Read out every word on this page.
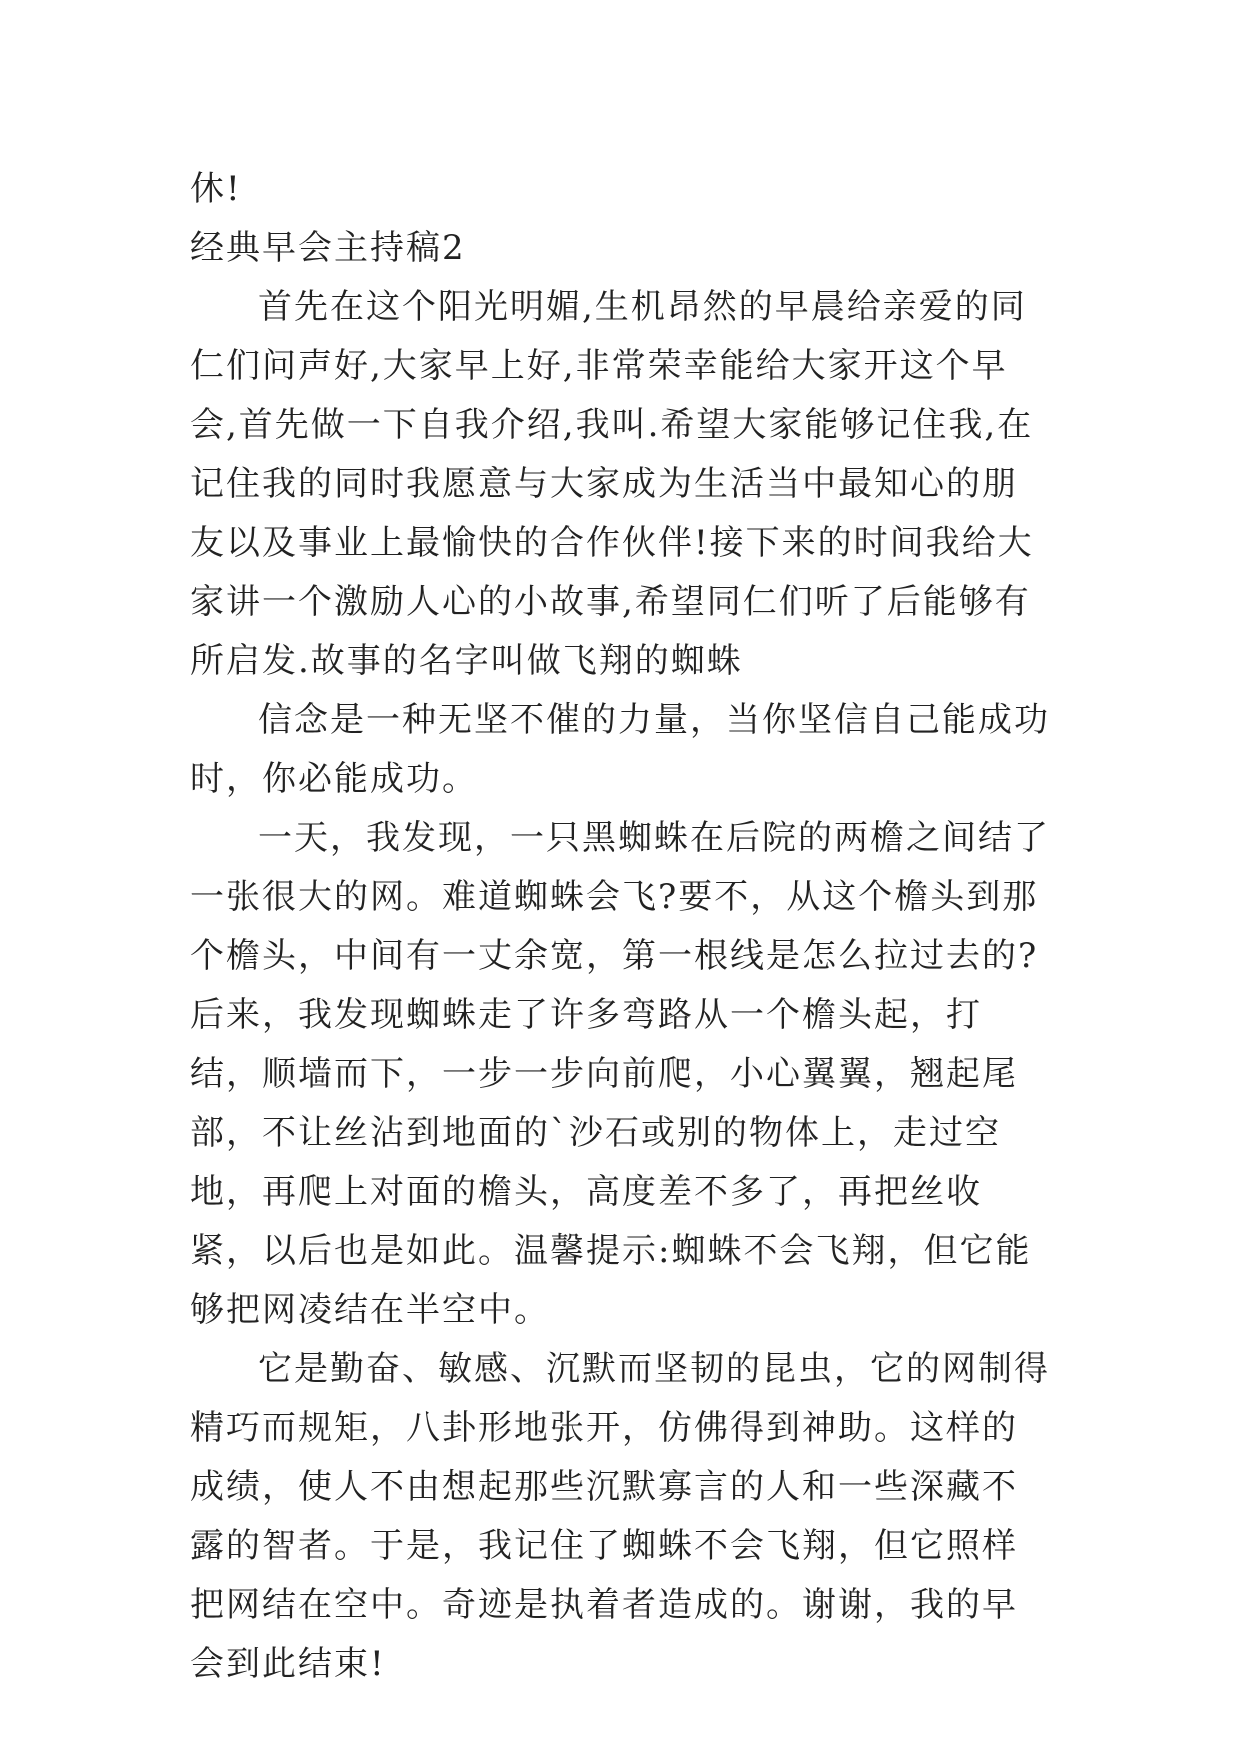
休!
经典早会主持稿2

首先在这个阳光明媚,生机昂然的早晨给亲爱的同仁们问声好,大家早上好,非常荣幸能给大家开这个早会,首先做一下自我介绍,我叫.希望大家能够记住我,在记住我的同时我愿意与大家成为生活当中最知心的朋友以及事业上最愉快的合作伙伴!接下来的时间我给大家讲一个激励人心的小故事,希望同仁们听了后能够有所启发.故事的名字叫做飞翔的蜘蛛

信念是一种无坚不催的力量，当你坚信自己能成功时，你必能成功。

一天，我发现，一只黑蜘蛛在后院的两檐之间结了一张很大的网。难道蜘蛛会飞?要不，从这个檐头到那个檐头，中间有一丈余宽，第一根线是怎么拉过去的?后来，我发现蜘蛛走了许多弯路从一个檐头起，打结，顺墙而下，一步一步向前爬，小心翼翼，翘起尾部，不让丝沾到地面的`沙石或别的物体上，走过空地，再爬上对面的檐头，高度差不多了，再把丝收紧，以后也是如此。温馨提示:蜘蛛不会飞翔，但它能够把网凌结在半空中。

它是勤奋、敏感、沉默而坚韧的昆虫，它的网制得精巧而规矩，八卦形地张开，仿佛得到神助。这样的成绩，使人不由想起那些沉默寡言的人和一些深藏不露的智者。于是，我记住了蜘蛛不会飞翔，但它照样把网结在空中。奇迹是执着者造成的。谢谢，我的早会到此结束!
